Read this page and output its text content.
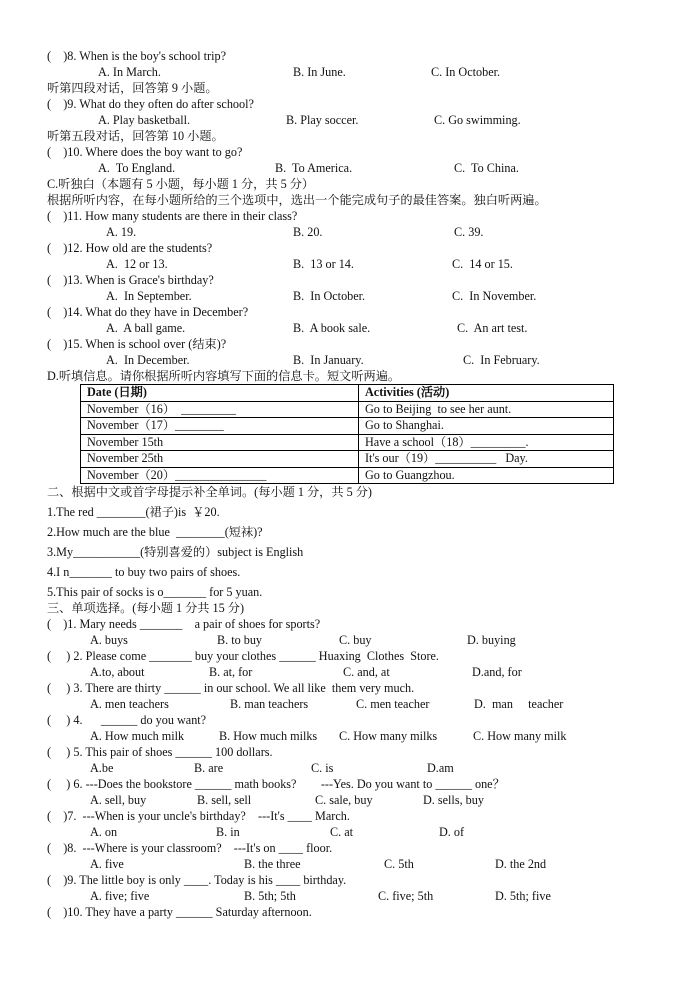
(    )8. When is the boy's school trip?
A. In March.	B. In June.	C. In October.
听第四段对话，回答第 9 小题。
(    )9. What do they often do after school?
A. Play basketball.	B. Play soccer.	C. Go swimming.
听第五段对话，回答第 10 小题。
(    )10. Where does the boy want to go?
A.  To England.	B.  To America.	C.  To China.
C.听独白（本题有 5 小题，每小题 1 分，共 5 分）
根据所听内容，在每小题所给的三个选项中，选出一个能完成句子的最佳答案。独白听两遍。
(    )11. How many students are there in their class?
A. 19.	B. 20.	C. 39.
(    )12. How old are the students?
A.  12 or 13.	B.  13 or 14.	C.  14 or 15.
(    )13. When is Grace's birthday?
A.  In September.	B.  In October.	C.  In November.
(    )14. What do they have in December?
A.  A ball game.	B.  A book sale.	C.  An art test.
(    )15. When is school over (结束)?
A.  In December.	B.  In January.	C.  In February.
D.听填信息。请你根据所听内容填写下面的信息卡。短文听两遍。
Date (日期)	Activities (活动)
November（16）  _________	Go to Beijing  to see her aunt.
November（17）________	Go to Shanghai.
November 15th	Have a school（18）_________.
November 25th	It's our（19）__________   Day.
November（20）_______________	Go to Guangzhou.
二、根据中文或首字母提示补全单词。(每小题 1 分，共 5 分)
1.The red ________(裙子)is  ￥20.
2.How much are the blue  ________(短袜)?
3.My___________(特别喜爱的）subject is English
4.I n_______ to buy two pairs of shoes.
5.This pair of socks is o_______ for 5 yuan.
三、单项选择。(每小题 1 分共 15 分)
(    )1. Mary needs _______    a pair of shoes for sports?
A. buys	B. to buy	C. buy	D. buying
(     ) 2. Please come _______ buy your clothes ______ Huaxing  Clothes  Store.
A.to, about	B. at, for	C. and, at	D.and, for
(     ) 3. There are thirty ______ in our school. We all like  them very much.
A. men teachers	B. man teachers	C. men teacher	D.  man     teacher
(     ) 4.      ______ do you want?
A. How much milk	B. How much milks C. How many milks	C. How many milk
(     ) 5. This pair of shoes ______ 100 dollars.
A.be	B. are	C. is	D.am
(     ) 6. ---Does the bookstore ______ math books?        ---Yes. Do you want to ______ one？
A. sell, buy	B. sell, sell	C. sale, buy	D. sells, buy
(    )7.  ---When is your uncle's birthday?    ---It's ____ March.
A. on	B. in	C. at	D. of
(    )8.  ---Where is your classroom?    ---It's on ____ floor.
A. five	B. the three	C. 5th	D. the 2nd
(    )9. The little boy is only ____. Today is his ____ birthday.
A. five; five	B. 5th; 5th	C. five; 5th	D. 5th; five
(    )10. They have a party ______ Saturday afternoon.
